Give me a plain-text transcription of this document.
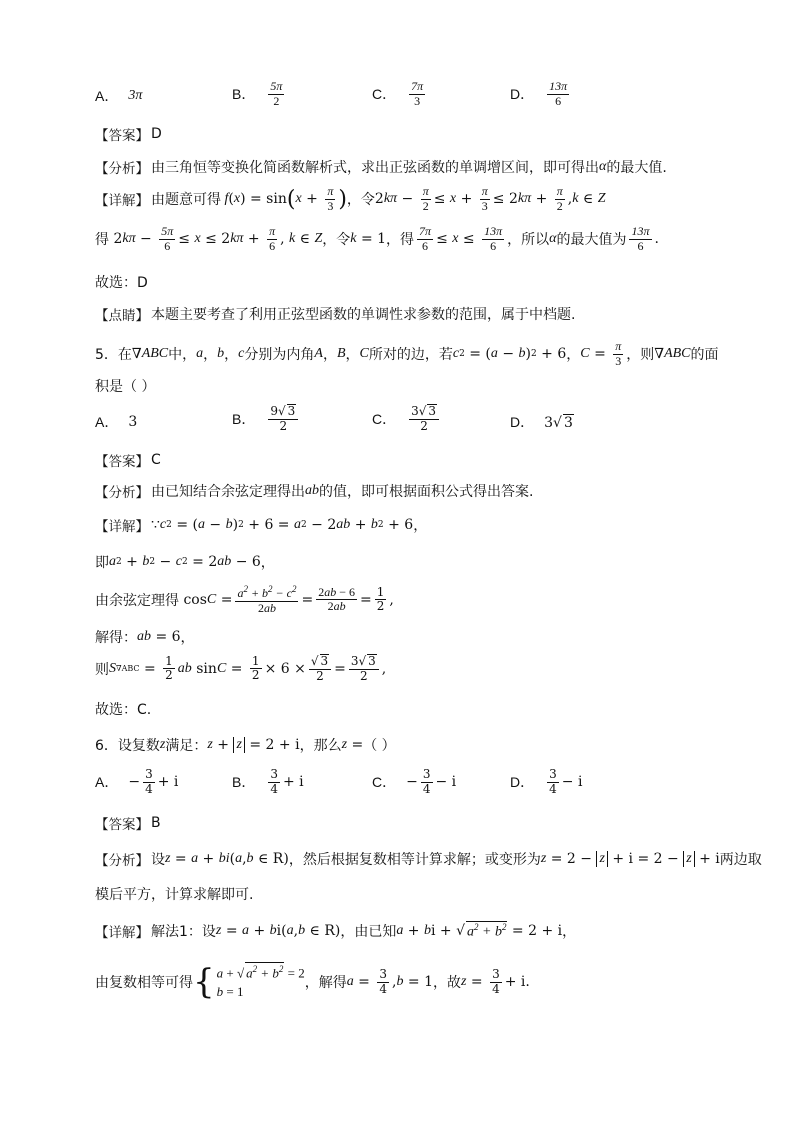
A． 3π	B． $\frac{5\pi}{2}$	C． $\frac{7\pi}{3}$	D． $\frac{13\pi}{6}$
【答案】 D
【分析】 由三角恒等变换化简函数解析式，求出正弦函数的单调增区间，即可得出 α 的最大值.
【详解】 由题意可得 f ( x ) = sin ( $x + \frac{\pi}{3}$ ) ，令 2 $k\pi - \frac{\pi}{2} \le x + \frac{\pi}{3} \le 2$ $k\pi + \frac{\pi}{2}$ , k ∈ Z
得 2 $k\pi - \frac{5\pi}{6} \le x \le 2$ $k\pi + \frac{\pi}{6}$ , k ∈ Z ，令 k = 1 ，得 $\frac{7\pi}{6} \le x \le \frac{13\pi}{6}$ ，所以 α 的最大值为 $\frac{13\pi}{6}$ .
故选：D
【点睛】 本题主要考查了利用正弦型函数的单调性求参数的范围，属于中档题.
5．在 ∇ ABC 中， a ， b ， c 分别为内角 A ， B ， C 所对的边，若 c 2 = ( a − b ) 2 + 6 ， $C = \frac{\pi}{3}$ ，则 ∇ ABC 的面
积是（ ）
A． 3	B． $\frac{9√ 3}{2}$	C． $\frac{3√ 3}{2}$	D． 3√ 3
【答案】 C
【分析】 由已知结合余弦定理得出 ab 的值，即可根据面积公式得出答案.
【详解】 ∵ c 2 = ( a − b ) 2 + 6 = a 2 − 2 ab + b 2 + 6 ，
即 a 2 + b 2 − c 2 = 2 ab − 6 ，
由余弦定理得 $\cos C = \frac{a^2 + b^2 - c^2}{2ab} = \frac{2ab - 6}{2ab} = \frac{1}{2}$ ,
解得： ab = 6 ，
则 S $\nabla ABC = \frac{1}{2}$ ab $\sin C = \frac{1}{2} \times 6 \times \frac{√ 3}{2} = \frac{3√ 3}{2}$ ,
故选：C.
6．设复数 z 满足： z + z = 2 + i ，那么 z = （ ）
A． − $\frac{3}{4} + i$	B． $\frac{3}{4} + i$	C． − $\frac{3}{4} - i$	D． $\frac{3}{4} - i$
【答案】 B
【分析】 设 z = a + bi ( a , b ∈ R) ，然后根据复数相等计算求解；或变形为 z = 2 − z + i = 2 − z + i 两边取
模后平方，计算求解即可.
【详解】 解法1：设 z = a + b i( a , b ∈ R) ，由已知 a + b i + √ $a^2 + b^2 = 2 + i$ ，
由复数相等可得 { a + √ $a^2 + b^2 = 2$
b = 1
，解得 $a = \frac{3}{4}$ , b = 1 ，故 $z = \frac{3}{4} + i$.
